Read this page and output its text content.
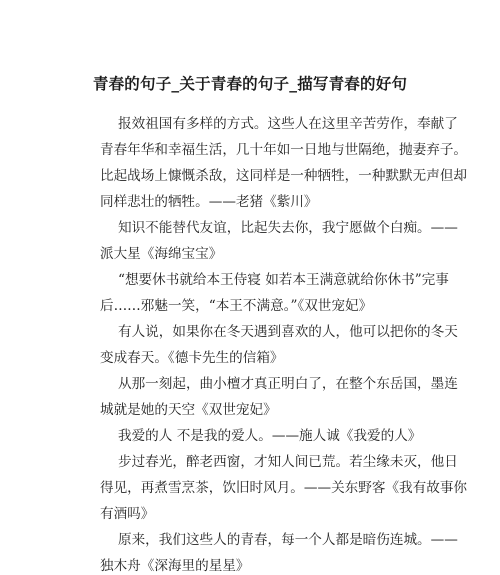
青春的句子_关于青春的句子_描写青春的好句
报效祖国有多样的方式。这些人在这里辛苦劳作，奉献了
青春年华和幸福生活，几十年如一日地与世隔绝，抛妻弃子。
比起战场上慷慨杀敌，这同样是一种牺牲，一种默默无声但却
同样悲壮的牺牲。——老猪《紫川》
知识不能替代友谊，比起失去你，我宁愿做个白痴。——
派大星《海绵宝宝》
“想要休书就给本王侍寝 如若本王满意就给你休书”完事
后……邪魅一笑，“本王不满意。”《双世宠妃》
有人说，如果你在冬天遇到喜欢的人，他可以把你的冬天
变成春天。《德卡先生的信箱》
从那一刻起，曲小檀才真正明白了，在整个东岳国，墨连
城就是她的天空《双世宠妃》
我爱的人 不是我的爱人。——施人诚《我爱的人》
步过春光，醉老西窗，才知人间已荒。若尘缘未灭，他日
得见，再煮雪烹茶，饮旧时风月。——关东野客《我有故事你
有酒吗》
原来，我们这些人的青春，每一个人都是暗伤连城。——
独木舟《深海里的星星》
